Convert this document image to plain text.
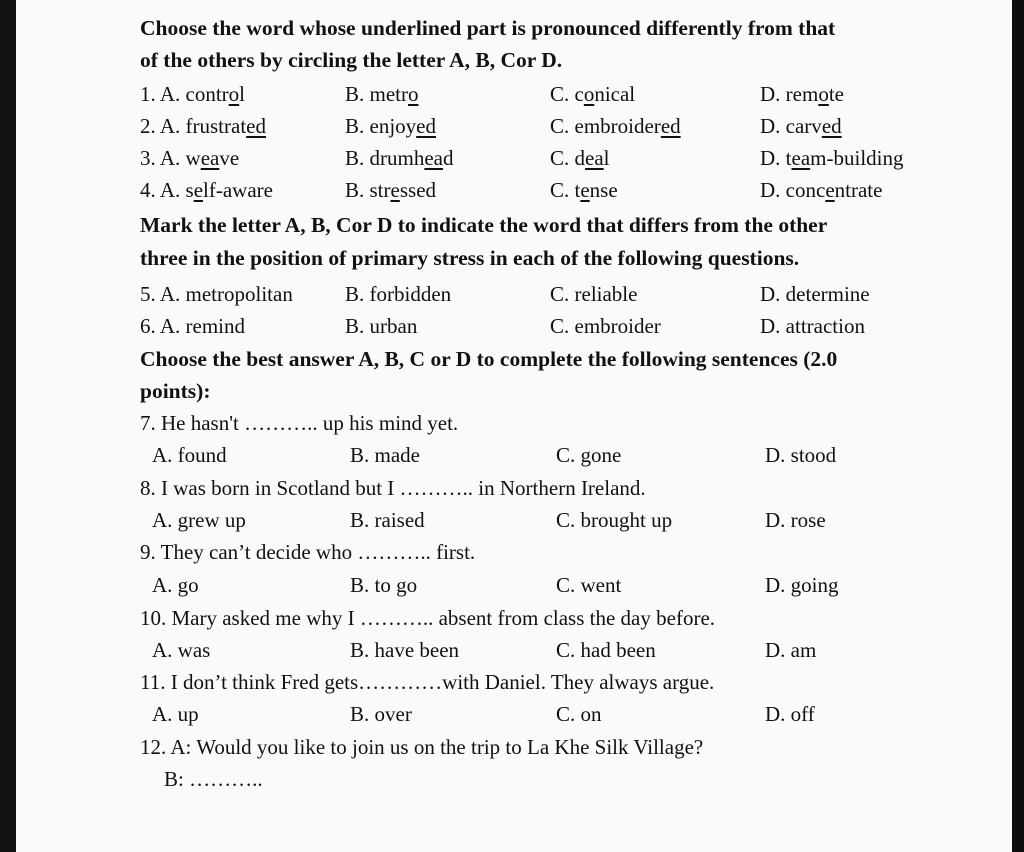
Choose the word whose underlined part is pronounced differently from that
of the others by circling the letter A, B, Cor D.
1. A. control	B. metro	C. conical	D. remote
2. A. frustrated	B. enjoyed	C. embroidered	D. carved
3. A. weave	B. drumhead	C. deal	D. team-building
4. A. self-aware	B. stressed	C. tense	D. concentrate
Mark the letter A, B, Cor D to indicate the word that differs from the other
three in the position of primary stress in each of the following questions.
5. A. metropolitan B. forbidden	C. reliable	D. determine
6. A. remind	B. urban	C. embroider	D. attraction
Choose the best answer A, B, C or D to complete the following sentences (2.0
points):
7. He hasn't ……….. up his mind yet.
A. found	B. made	C. gone	D. stood
8. I was born in Scotland but I ……….. in Northern Ireland.
A. grew up	B. raised	C. brought up	D. rose
9. They can’t decide who ……….. first.
A. go	B. to go	C. went	D. going
10. Mary asked me why I ……….. absent from class the day before.
A. was	B. have been	C. had been	D. am
11. I don’t think Fred gets…………with Daniel. They always argue.
A. up	B. over	C. on	D. off
12. A: Would you like to join us on the trip to La Khe Silk Village?
B: ………..
